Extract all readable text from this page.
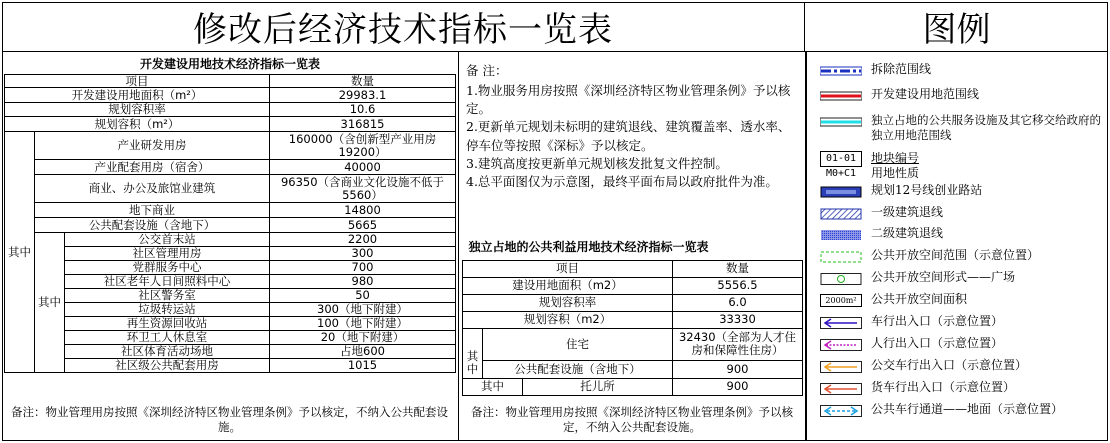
修改后经济技术指标一览表	图例
开发建设用地技术经济指标一览表			
项目			数量
开发建设用地面积（m²）			29983.1
规划容积率			10.6
规划容积（m²）			316815
其中	产业研发用房		160000（含创新型产业用房19200）
	产业配套用房（宿舍）		40000
	商业、办公及旅馆业建筑		96350（含商业文化设施不低于5560）
	地下商业		14800
	公共配套设施（含地下）		5665
	其中	公交首末站	2200
		社区管理用房	300
		党群服务中心	700
		社区老年人日间照料中心	980
		社区警务室	50
		垃圾转运站	300（地下附建）
		再生资源回收站	100（地下附建）
		环卫工人休息室	20（地下附建）
		社区体育活动场地	占地600
		社区级公共配套用房	1015
备注：物业管理用房按照《深圳经济特区物业管理条例》予以核定，不纳入公共配套设施。
备 注：
1.物业服务用房按照《深圳经济特区物业管理条例》予以核定。
2.更新单元规划未标明的建筑退线、建筑覆盖率、透水率、停车位等按照《深标》予以核定。
3.建筑高度按更新单元规划核发批复文件控制。
4.总平面图仅为示意图，最终平面布局以政府批件为准。
独立占地的公共利益用地技术经济指标一览表			
项目			数量
建设用地面积（m2）			5556.5
规划容积率			6.0
规划容积（m2）			33330
其中	住宅		32430（全部为人才住房和保障性住房）
	公共配套设施（含地下）		900
其中		托儿所	900
备注：物业管理用房按照《深圳经济特区物业管理条例》予以核定，不纳入公共配套设施。
拆除范围线
开发建设用地范围线
独立占地的公共服务设施及其它移交给政府的独立用地范围线
01-01
M0+C1
地块编号
用地性质
规划12号线创业路站
一级建筑退线
二级建筑退线
公共开放空间范围（示意位置）
公共开放空间形式——广场
2000m²	公共开放空间面积
车行出入口（示意位置）
人行出入口（示意位置）
公交车行出入口（示意位置）
货车行出入口（示意位置）
公共车行通道——地面（示意位置）
